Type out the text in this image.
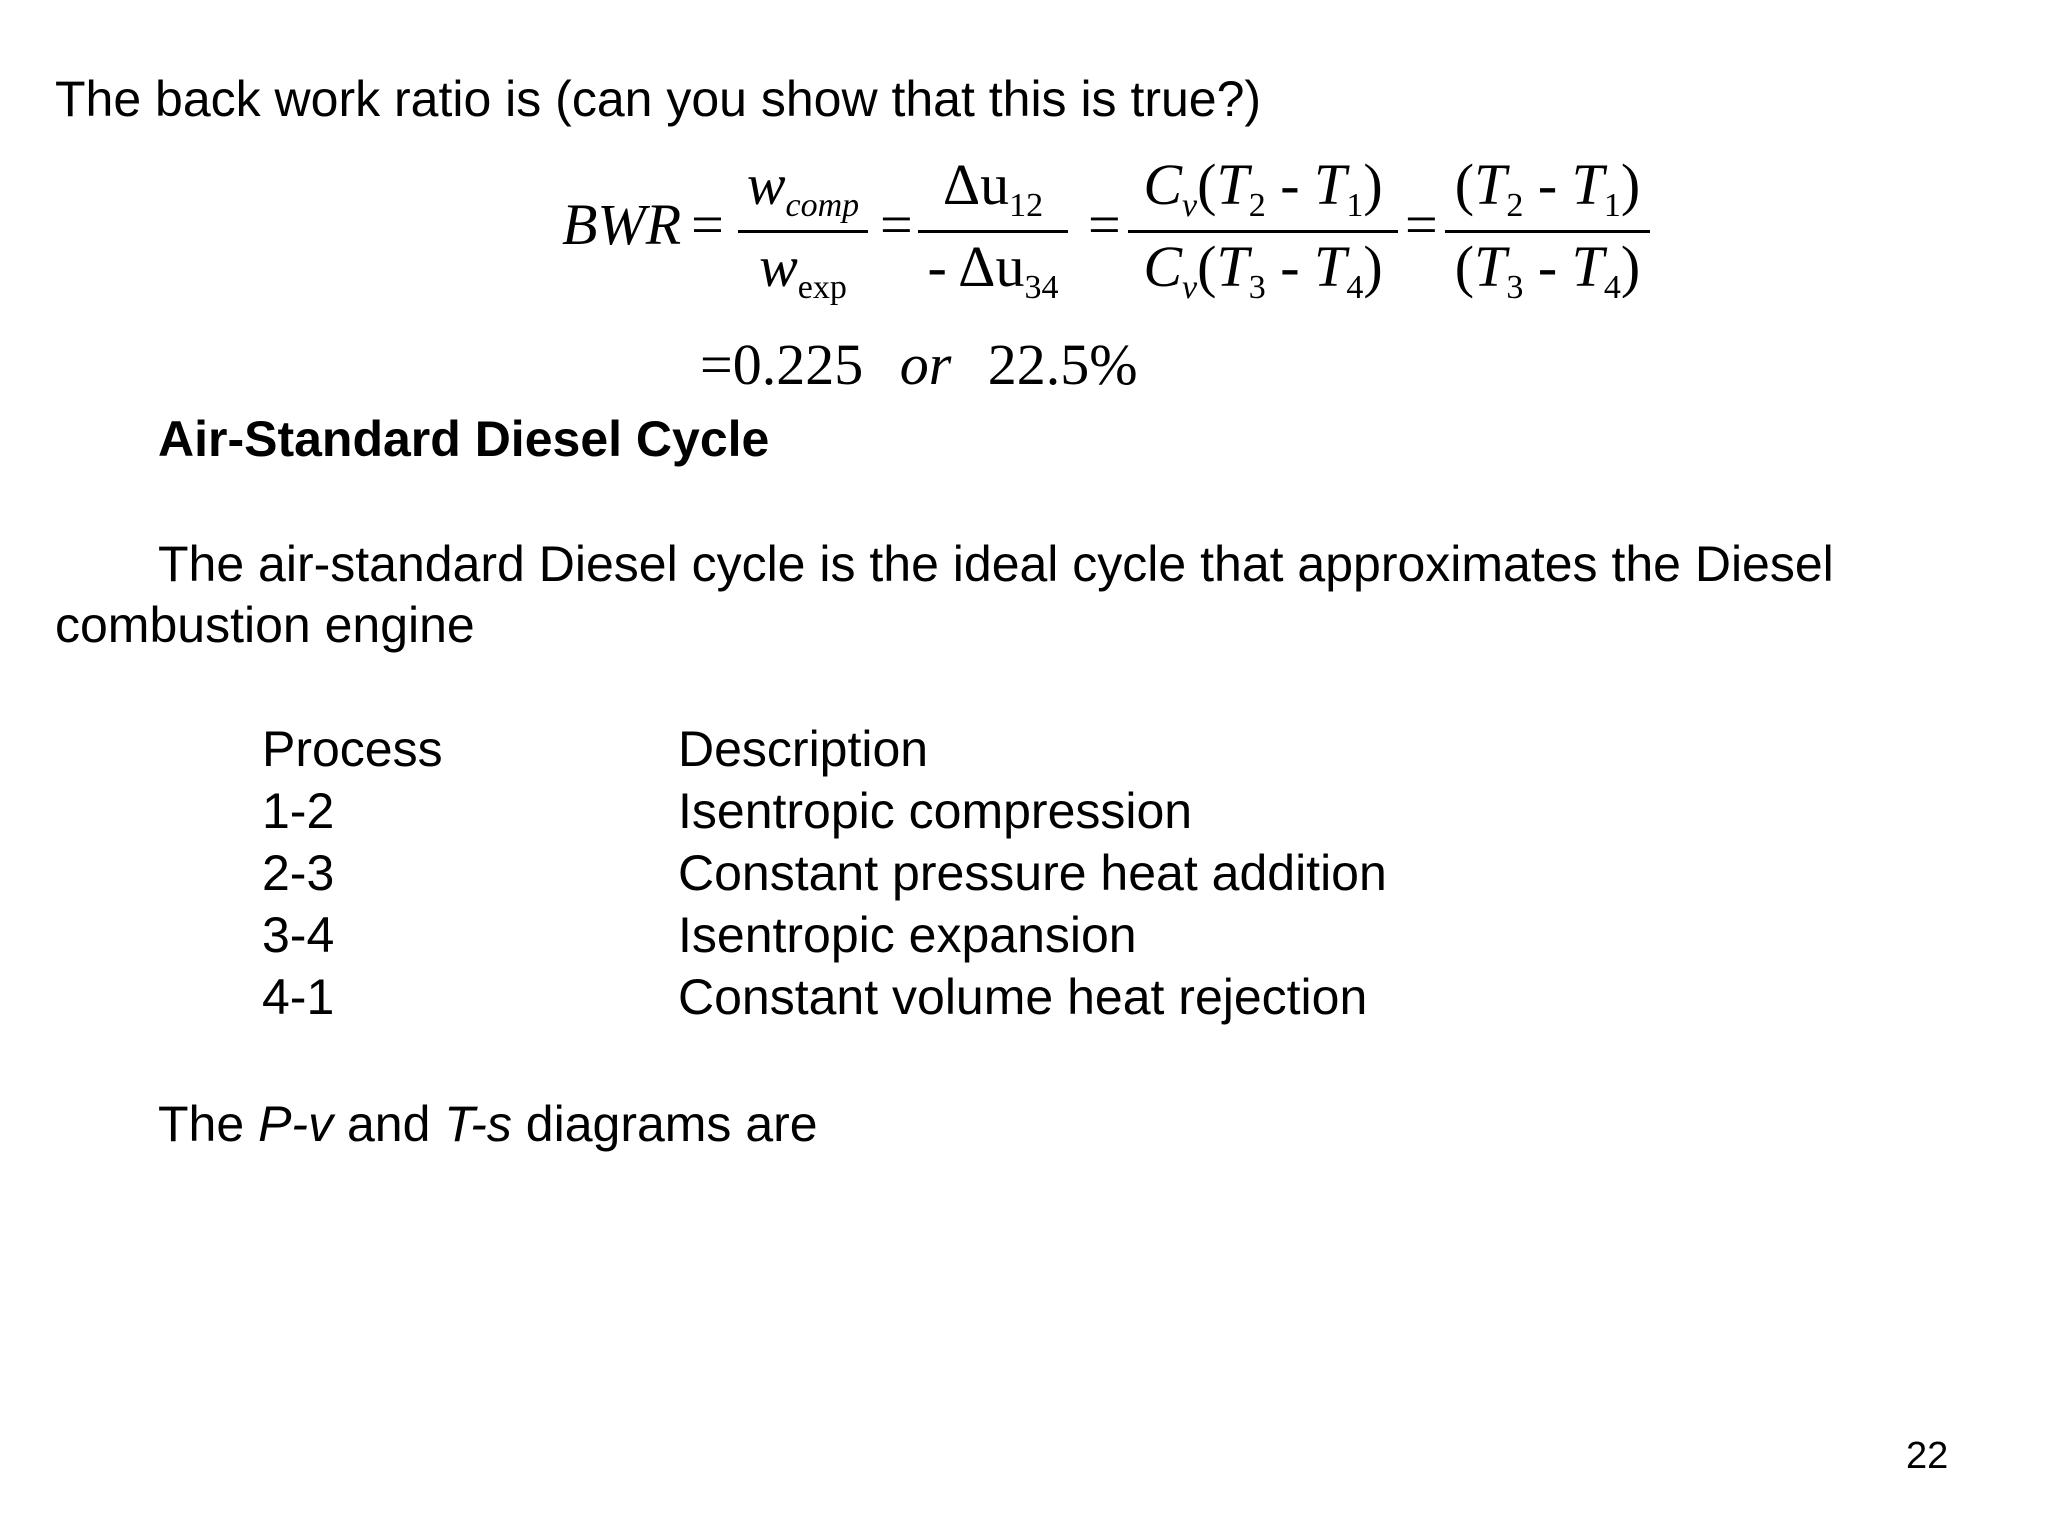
The back work ratio is (can you show that this is true?)
BWR =
$w_{comp}$
$w_{exp}$
=
$\Delta u_{12}$
- $\Delta u_{34}$
=
$C_v(T_2 - T_1)$
$C_v(T_3 - T_4)$
=
$(T_2 - T_1)$
$(T_3 - T_4)$
=0.225 or 22.5%
Air-Standard Diesel Cycle
The air-standard Diesel cycle is the ideal cycle that approximates the Diesel
combustion engine
Process	Description
1-2	Isentropic compression
2-3	Constant pressure heat addition
3-4	Isentropic expansion
4-1	Constant volume heat rejection
The P-v and T-s diagrams are
22
